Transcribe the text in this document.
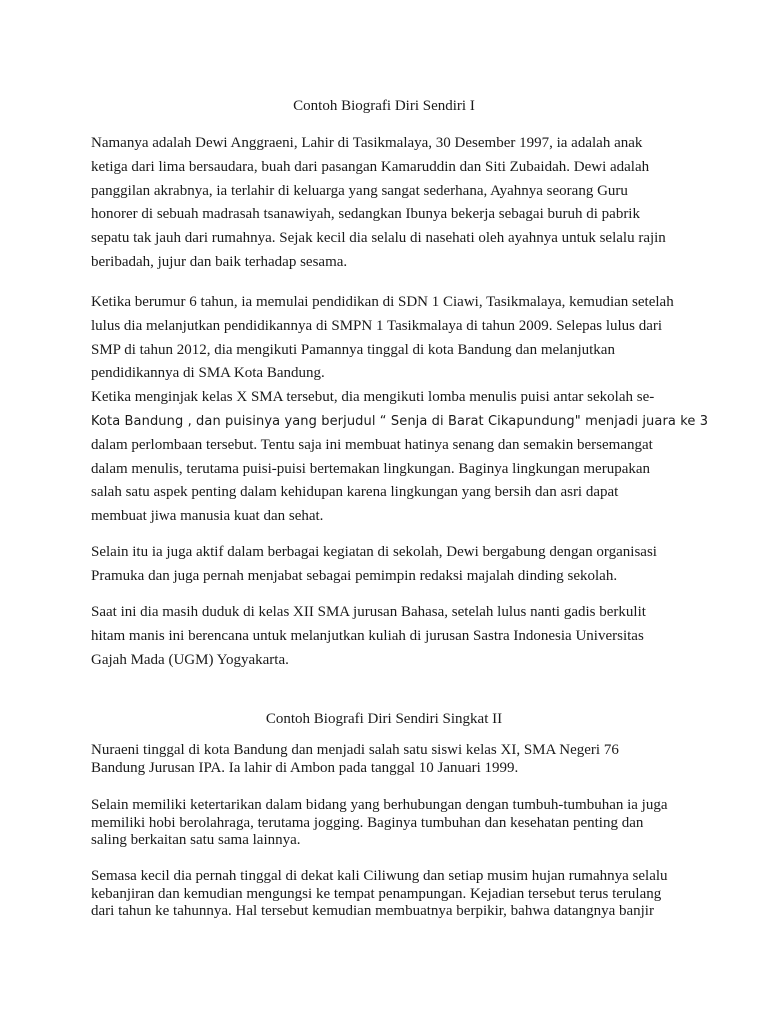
Contoh Biografi Diri Sendiri I

Namanya adalah Dewi Anggraeni, Lahir di Tasikmalaya, 30 Desember 1997, ia adalah anak
ketiga dari lima bersaudara, buah dari pasangan Kamaruddin dan Siti Zubaidah. Dewi adalah
panggilan akrabnya, ia terlahir di keluarga yang sangat sederhana, Ayahnya seorang Guru
honorer di sebuah madrasah tsanawiyah, sedangkan Ibunya bekerja sebagai buruh di pabrik
sepatu tak jauh dari rumahnya. Sejak kecil dia selalu di nasehati oleh ayahnya untuk selalu rajin
beribadah, jujur dan baik terhadap sesama.

Ketika berumur 6 tahun, ia memulai pendidikan di SDN 1 Ciawi, Tasikmalaya, kemudian setelah
lulus dia melanjutkan pendidikannya di SMPN 1 Tasikmalaya di tahun 2009. Selepas lulus dari
SMP di tahun 2012, dia mengikuti Pamannya tinggal di kota Bandung dan melanjutkan
pendidikannya di SMA Kota Bandung.
Ketika menginjak kelas X SMA tersebut, dia mengikuti lomba menulis puisi antar sekolah se-
Kota Bandung , dan puisinya yang berjudul “ Senja di Barat Cikapundung" menjadi juara ke 3
dalam perlombaan tersebut. Tentu saja ini membuat hatinya senang dan semakin bersemangat
dalam menulis, terutama puisi-puisi bertemakan lingkungan. Baginya lingkungan merupakan
salah satu aspek penting dalam kehidupan karena lingkungan yang bersih dan asri dapat
membuat jiwa manusia kuat dan sehat.

Selain itu ia juga aktif dalam berbagai kegiatan di sekolah, Dewi bergabung dengan organisasi
Pramuka dan juga pernah menjabat sebagai pemimpin redaksi majalah dinding sekolah.

Saat ini dia masih duduk di kelas XII SMA jurusan Bahasa, setelah lulus nanti gadis berkulit
hitam manis ini berencana untuk melanjutkan kuliah di jurusan Sastra Indonesia Universitas
Gajah Mada (UGM) Yogyakarta.

Contoh Biografi Diri Sendiri Singkat II

Nuraeni tinggal di kota Bandung dan menjadi salah satu siswi kelas XI, SMA Negeri 76
Bandung Jurusan IPA. Ia lahir di Ambon pada tanggal 10 Januari 1999.

Selain memiliki ketertarikan dalam bidang yang berhubungan dengan tumbuh-tumbuhan ia juga
memiliki hobi berolahraga, terutama jogging. Baginya tumbuhan dan kesehatan penting dan
saling berkaitan satu sama lainnya.

Semasa kecil dia pernah tinggal di dekat kali Ciliwung dan setiap musim hujan rumahnya selalu
kebanjiran dan kemudian mengungsi ke tempat penampungan. Kejadian tersebut terus terulang
dari tahun ke tahunnya. Hal tersebut kemudian membuatnya berpikir, bahwa datangnya banjir
